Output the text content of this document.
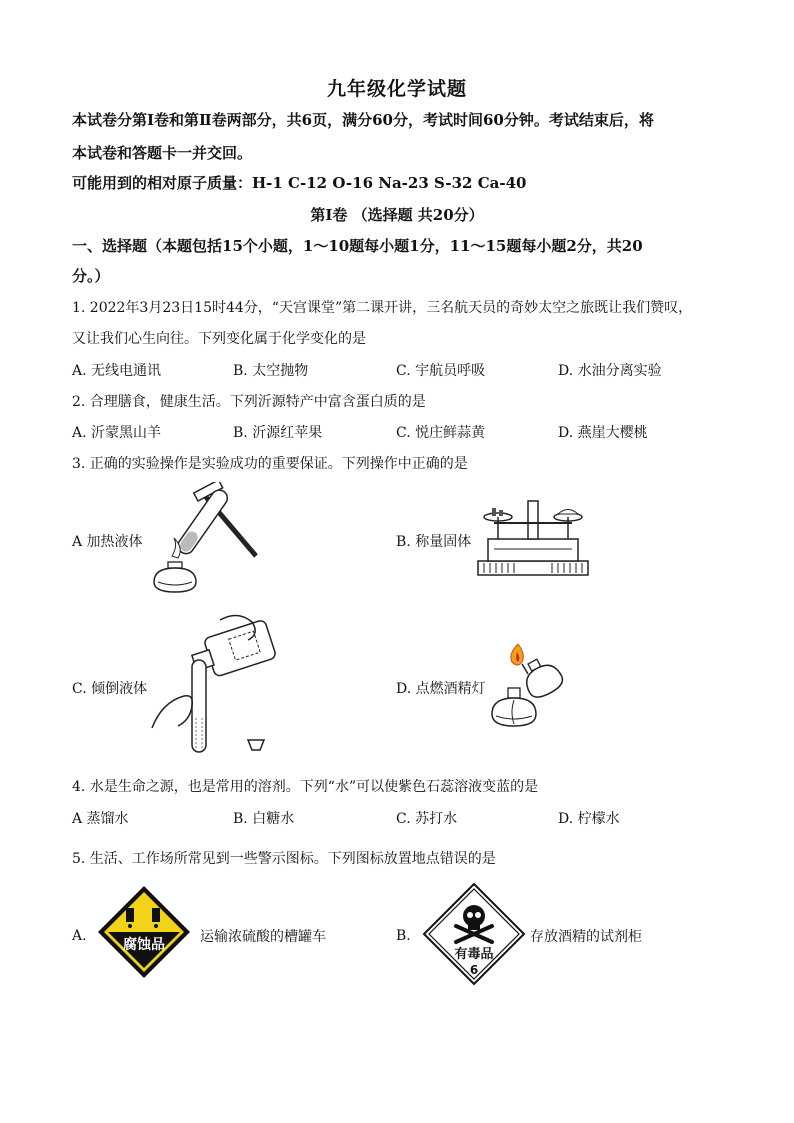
九年级化学试题
本试卷分第Ⅰ卷和第Ⅱ卷两部分，共6页，满分60分，考试时间60分钟。考试结束后，将
本试卷和答题卡一并交回。
可能用到的相对原子质量：H-1 C-12 O-16 Na-23 S-32 Ca-40
第Ⅰ卷 （选择题 共20分）
一、选择题（本题包括15个小题，1～10题每小题1分，11～15题每小题2分，共20
分。）
1. 2022年3月23日15时44分，“天宫课堂”第二课开讲，三名航天员的奇妙太空之旅既让我们赞叹，
又让我们心生向往。下列变化属于化学变化的是
A. 无线电通讯	B. 太空抛物	C. 宇航员呼吸	D. 水油分离实验
2. 合理膳食，健康生活。下列沂源特产中富含蛋白质的是
A. 沂蒙黑山羊	B. 沂源红苹果	C. 悦庄鲜蒜黄	D. 燕崖大樱桃
3. 正确的实验操作是实验成功的重要保证。下列操作中正确的是
A 加热液体	B. 称量固体
C. 倾倒液体	D. 点燃酒精灯
4. 水是生命之源，也是常用的溶剂。下列“水”可以使紫色石蕊溶液变蓝的是
A 蒸馏水	B. 白糖水	C. 苏打水	D. 柠檬水
5. 生活、工作场所常见到一些警示图标。下列图标放置地点错误的是
A.
腐蚀品	运输浓硫酸的槽罐车	B.
有毒品
6
存放酒精的试剂柜
